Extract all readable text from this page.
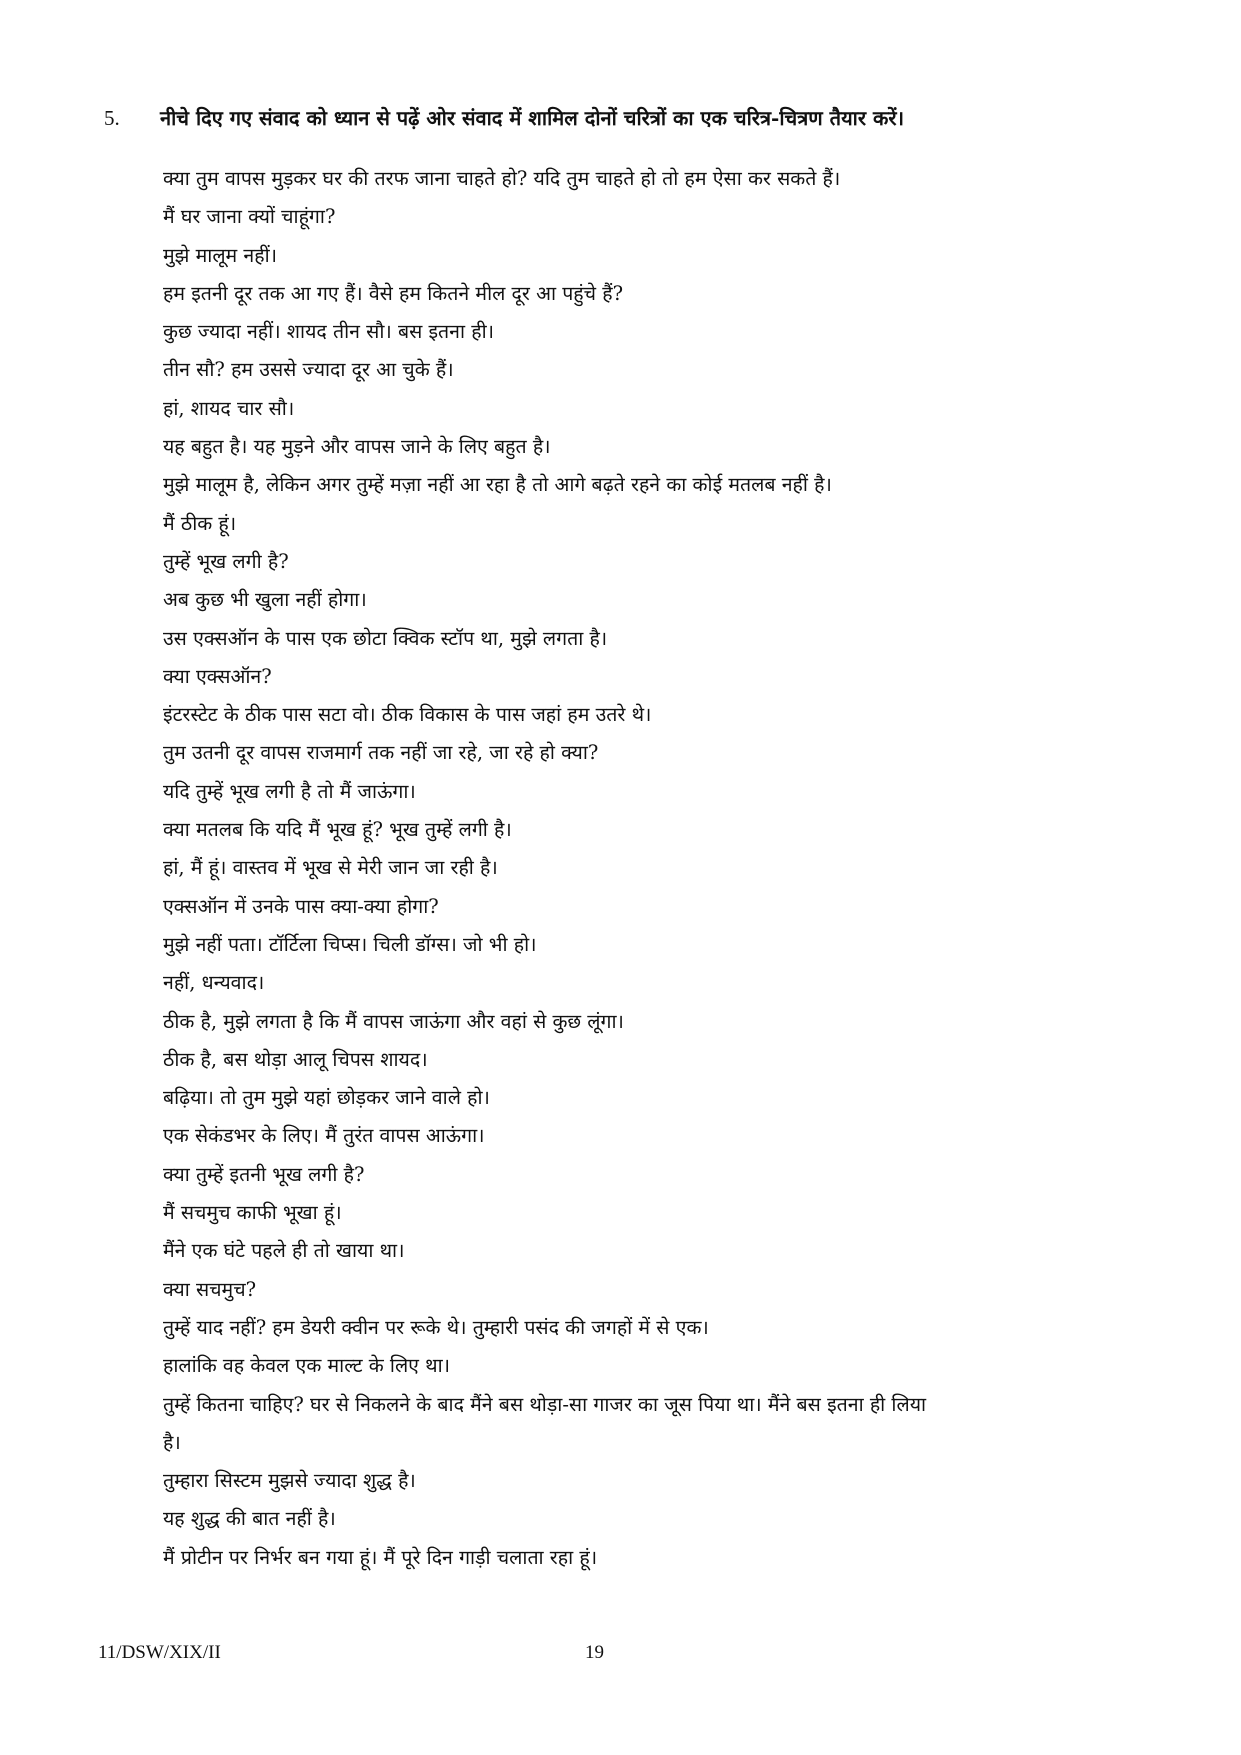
5.	नीचे दिए गए संवाद को ध्यान से पढ़ें ओर संवाद में शामिल दोनों चरित्रों का एक चरित्र-चित्रण तैयार करें।
क्या तुम वापस मुड़कर घर की तरफ जाना चाहते हो? यदि तुम चाहते हो तो हम ऐसा कर सकते हैं।
मैं घर जाना क्यों चाहूंगा?
मुझे मालूम नहीं।
हम इतनी दूर तक आ गए हैं। वैसे हम कितने मील दूर आ पहुंचे हैं?
कुछ ज्यादा नहीं। शायद तीन सौ। बस इतना ही।
तीन सौ? हम उससे ज्यादा दूर आ चुके हैं।
हां, शायद चार सौ।
यह बहुत है। यह मुड़ने और वापस जाने के लिए बहुत है।
मुझे मालूम है, लेकिन अगर तुम्हें मज़ा नहीं आ रहा है तो आगे बढ़ते रहने का कोई मतलब नहीं है।
मैं ठीक हूं।
तुम्हें भूख लगी है?
अब कुछ भी खुला नहीं होगा।
उस एक्सऑन के पास एक छोटा क्विक स्टॉप था, मुझे लगता है।
क्या एक्सऑन?
इंटरस्टेट के ठीक पास सटा वो। ठीक विकास के पास जहां हम उतरे थे।
तुम उतनी दूर वापस राजमार्ग तक नहीं जा रहे, जा रहे हो क्या?
यदि तुम्हें भूख लगी है तो मैं जाऊंगा।
क्या मतलब कि यदि मैं भूख हूं? भूख तुम्हें लगी है।
हां, मैं हूं। वास्तव में भूख से मेरी जान जा रही है।
एक्सऑन में उनके पास क्या-क्या होगा?
मुझे नहीं पता। टॉर्टिला चिप्स। चिली डॉग्स। जो भी हो।
नहीं, धन्यवाद।
ठीक है, मुझे लगता है कि मैं वापस जाऊंगा और वहां से कुछ लूंगा।
ठीक है, बस थोड़ा आलू चिपस शायद।
बढ़िया। तो तुम मुझे यहां छोड़कर जाने वाले हो।
एक सेकंडभर के लिए। मैं तुरंत वापस आऊंगा।
क्या तुम्हें इतनी भूख लगी है?
मैं सचमुच काफी भूखा हूं।
मैंने एक घंटे पहले ही तो खाया था।
क्या सचमुच?
तुम्हें याद नहीं? हम डेयरी क्वीन पर रूके थे। तुम्हारी पसंद की जगहों में से एक।
हालांकि वह केवल एक माल्ट के लिए था।
तुम्हें कितना चाहिए? घर से निकलने के बाद मैंने बस थोड़ा-सा गाजर का जूस पिया था। मैंने बस इतना ही लिया
है।
तुम्हारा सिस्टम मुझसे ज्यादा शुद्ध है।
यह शुद्ध की बात नहीं है।
मैं प्रोटीन पर निर्भर बन गया हूं। मैं पूरे दिन गाड़ी चलाता रहा हूं।
11/DSW/XIX/II	19
